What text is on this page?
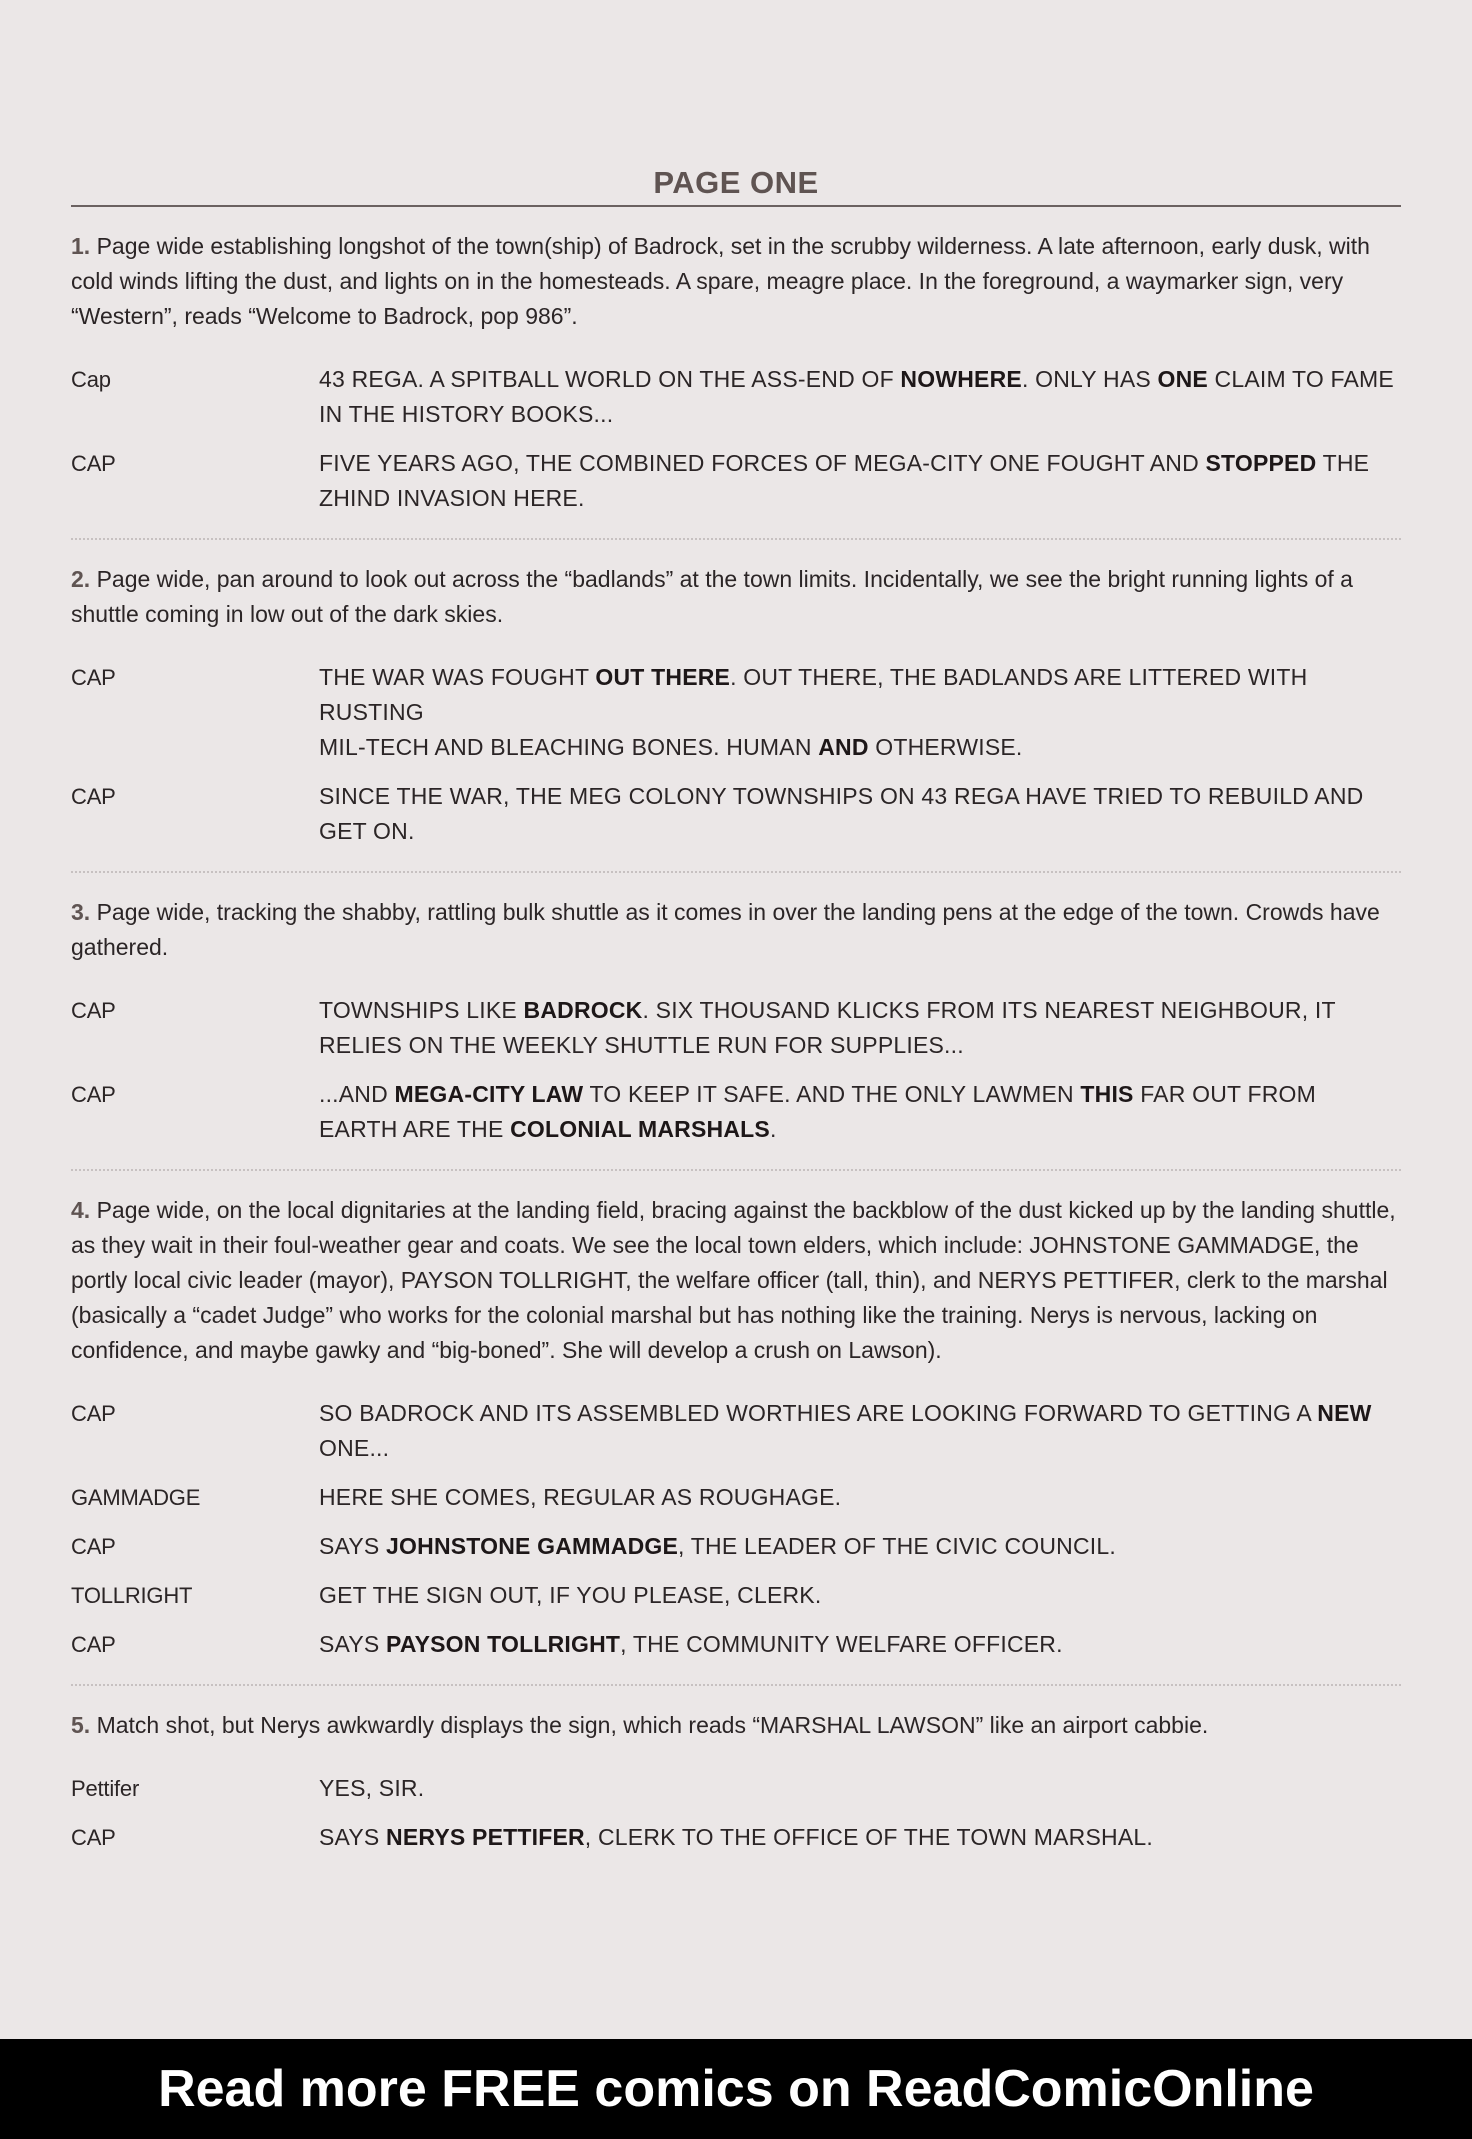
PAGE ONE

1. Page wide establishing longshot of the town(ship) of Badrock, set in the scrubby wilderness. A late afternoon, early dusk, with cold winds lifting the dust, and lights on in the homesteads. A spare, meagre place. In the foreground, a waymarker sign, very “Western”, reads “Welcome to Badrock, pop 986”.

Cap	43 REGA. A SPITBALL WORLD ON THE ASS-END OF NOWHERE. ONLY HAS ONE CLAIM TO FAME IN THE HISTORY BOOKS...
CAP	FIVE YEARS AGO, THE COMBINED FORCES OF MEGA-CITY ONE FOUGHT AND STOPPED THE ZHIND INVASION HERE.

2. Page wide, pan around to look out across the “badlands” at the town limits. Incidentally, we see the bright running lights of a shuttle coming in low out of the dark skies.

CAP	THE WAR WAS FOUGHT OUT THERE. OUT THERE, THE BADLANDS ARE LITTERED WITH RUSTING
MIL-TECH AND BLEACHING BONES. HUMAN AND OTHERWISE.
CAP	SINCE THE WAR, THE MEG COLONY TOWNSHIPS ON 43 REGA HAVE TRIED TO REBUILD AND GET ON.

3. Page wide, tracking the shabby, rattling bulk shuttle as it comes in over the landing pens at the edge of the town. Crowds have gathered.

CAP	TOWNSHIPS LIKE BADROCK. SIX THOUSAND KLICKS FROM ITS NEAREST NEIGHBOUR, IT RELIES ON THE WEEKLY SHUTTLE RUN FOR SUPPLIES...
CAP	...AND MEGA-CITY LAW TO KEEP IT SAFE. AND THE ONLY LAWMEN THIS FAR OUT FROM EARTH ARE THE COLONIAL MARSHALS.

4. Page wide, on the local dignitaries at the landing field, bracing against the backblow of the dust kicked up by the landing shuttle, as they wait in their foul-weather gear and coats. We see the local town elders, which include: JOHNSTONE GAMMADGE, the portly local civic leader (mayor), PAYSON TOLLRIGHT, the welfare officer (tall, thin), and NERYS PETTIFER, clerk to the marshal (basically a “cadet Judge” who works for the colonial marshal but has nothing like the training. Nerys is nervous, lacking on confidence, and maybe gawky and “big-boned”. She will develop a crush on Lawson).

CAP	SO BADROCK AND ITS ASSEMBLED WORTHIES ARE LOOKING FORWARD TO GETTING A NEW ONE...
GAMMADGE	HERE SHE COMES, REGULAR AS ROUGHAGE.
CAP	SAYS JOHNSTONE GAMMADGE, THE LEADER OF THE CIVIC COUNCIL.
TOLLRIGHT	GET THE SIGN OUT, IF YOU PLEASE, CLERK.
CAP	SAYS PAYSON TOLLRIGHT, THE COMMUNITY WELFARE OFFICER.

5. Match shot, but Nerys awkwardly displays the sign, which reads “MARSHAL LAWSON” like an airport cabbie.

Pettifer	YES, SIR.
CAP	SAYS NERYS PETTIFER, CLERK TO THE OFFICE OF THE TOWN MARSHAL.
Read more FREE comics on ReadComicOnline
